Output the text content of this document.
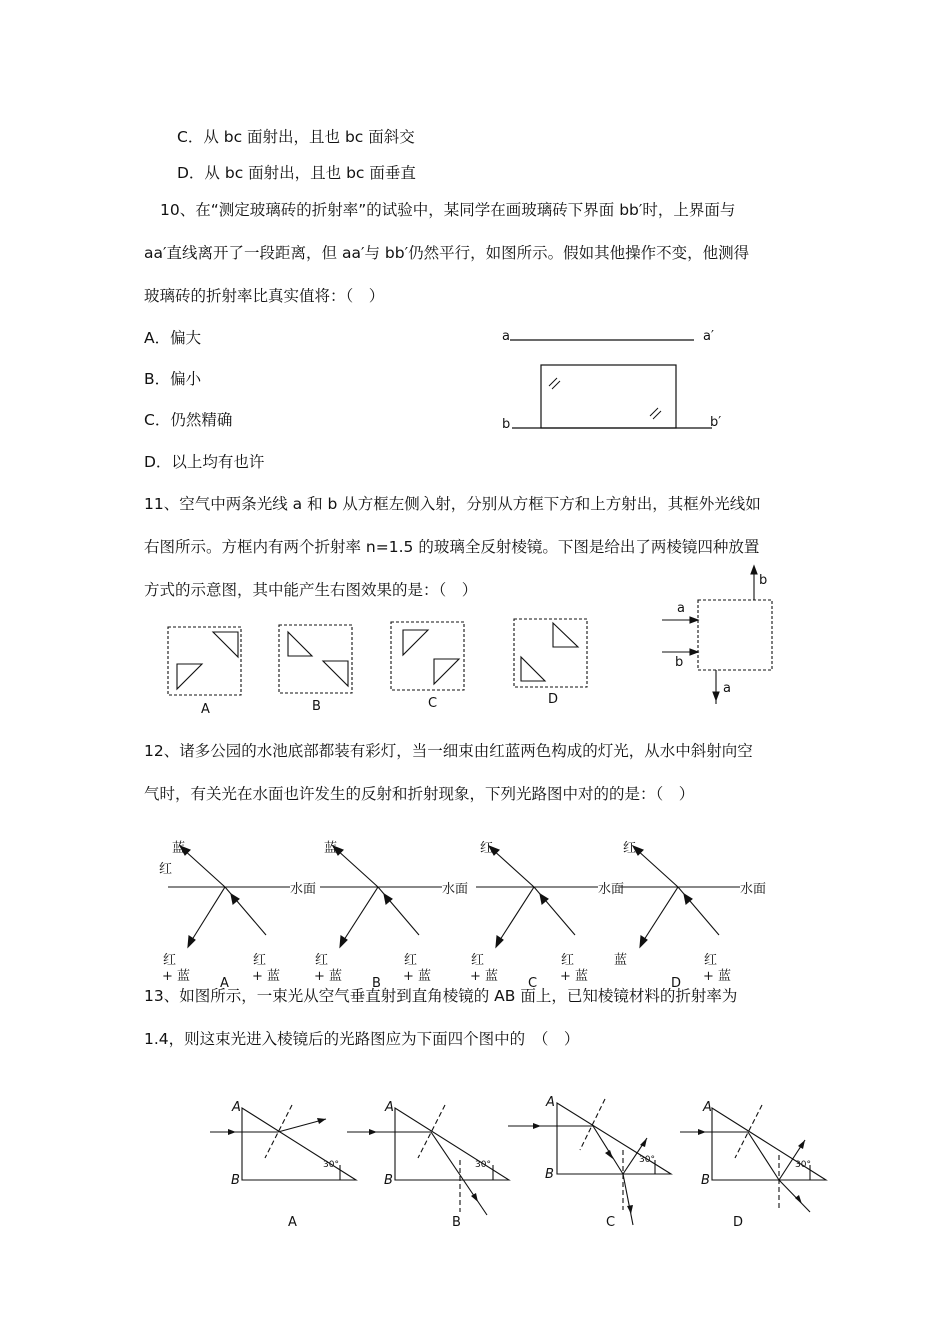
C．从 bc 面射出，且也 bc 面斜交
D．从 bc 面射出，且也 bc 面垂直
10、在“测定玻璃砖的折射率”的试验中，某同学在画玻璃砖下界面 bb′时，上界面与
aa′直线离开了一段距离，但 aa′与 bb′仍然平行，如图所示。假如其他操作不变，他测得
玻璃砖的折射率比真实值将：（　）
A．偏大
B．偏小
C．仍然精确
D．以上均有也许
a	a′
b	b′
11、空气中两条光线 a 和 b 从方框左侧入射，分别从方框下方和上方射出，其框外光线如
右图所示。方框内有两个折射率 n=1.5 的玻璃全反射棱镜。下图是给出了两棱镜四种放置
方式的示意图，其中能产生右图效果的是：（　）
A	B	C	D
a
b
b
a
12、诸多公园的水池底部都装有彩灯，当一细束由红蓝两色构成的灯光，从水中斜射向空
气时，有关光在水面也许发生的反射和折射现象，下列光路图中对的的是：（　）
蓝
红
红
+ 蓝
红
+ 蓝
A
水面
蓝
红
+ 蓝
红
+ 蓝
B
水面
红
红
+ 蓝
红
+ 蓝
C
水面
红
蓝	红
+ 蓝
D
水面
13、如图所示，一束光从空气垂直射到直角棱镜的 AB 面上，已知棱镜材料的折射率为
1.4，则这束光进入棱镜后的光路图应为下面四个图中的　（　）
A
B
30°
A
A
B
30°
B
A
B
30°
C
A
B
30°
D
